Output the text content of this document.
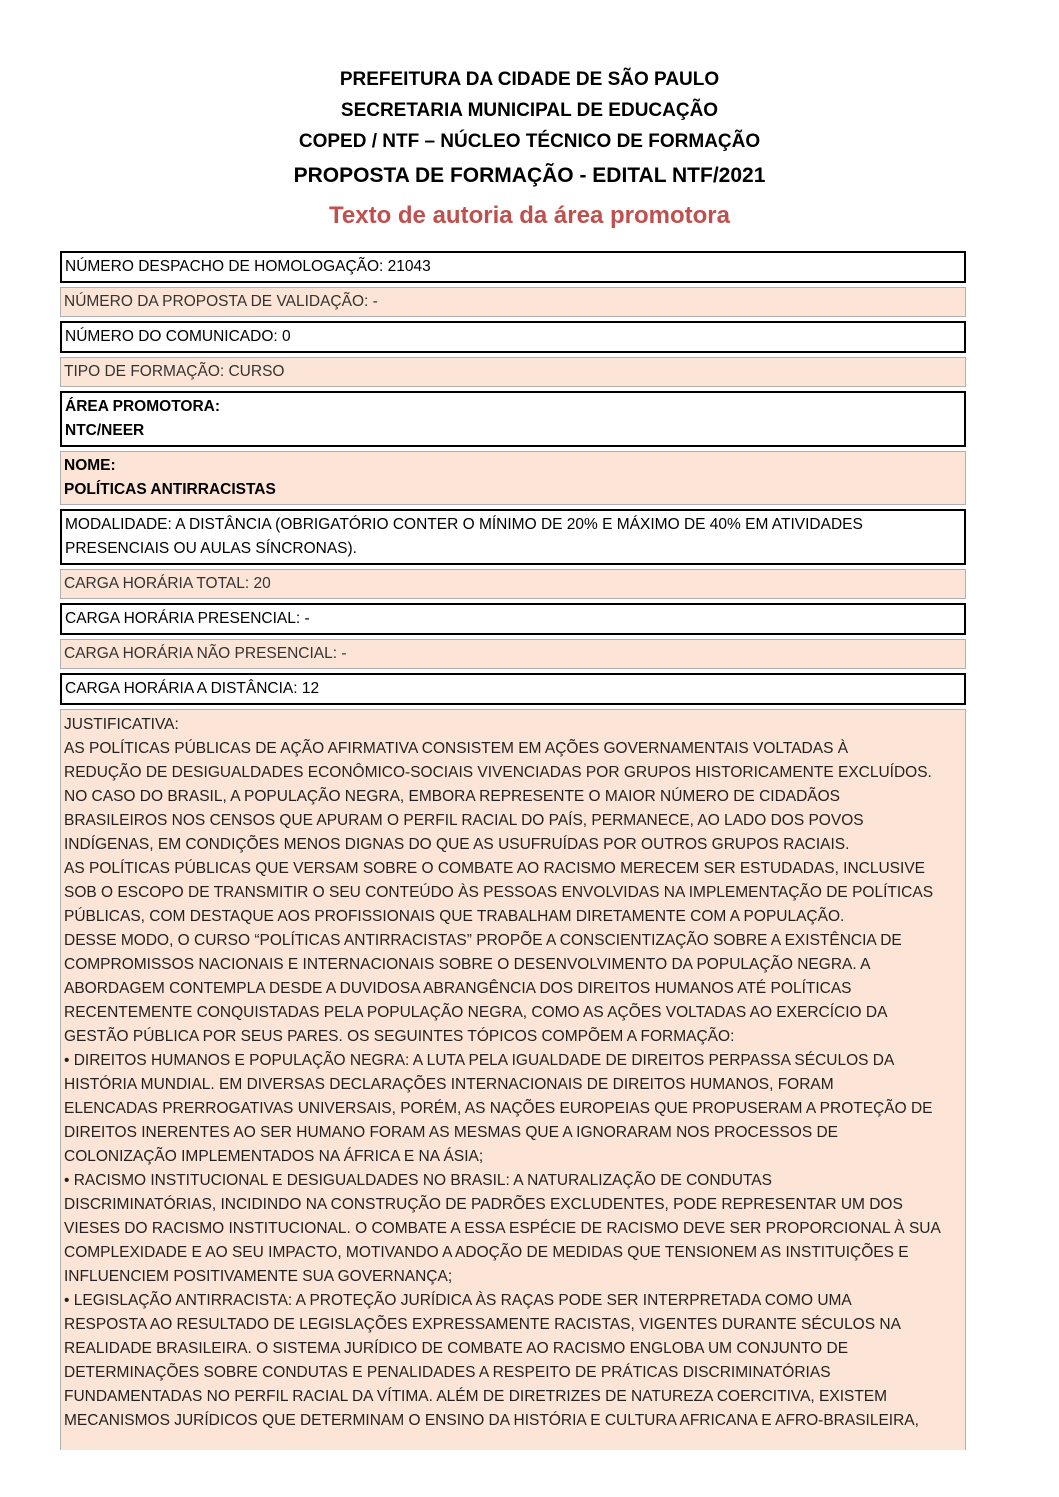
PREFEITURA DA CIDADE DE SÃO PAULO
SECRETARIA MUNICIPAL DE EDUCAÇÃO
COPED / NTF – NÚCLEO TÉCNICO DE FORMAÇÃO
PROPOSTA DE FORMAÇÃO - EDITAL NTF/2021
Texto de autoria da área promotora
NÚMERO DESPACHO DE HOMOLOGAÇÃO: 21043
NÚMERO DA PROPOSTA DE VALIDAÇÃO: -
NÚMERO DO COMUNICADO: 0
TIPO DE FORMAÇÃO: CURSO
ÁREA PROMOTORA:
NTC/NEER
NOME:
POLÍTICAS ANTIRRACISTAS
MODALIDADE: A DISTÂNCIA (OBRIGATÓRIO CONTER O MÍNIMO DE 20% E MÁXIMO DE 40% EM ATIVIDADES
PRESENCIAIS OU AULAS SÍNCRONAS).
CARGA HORÁRIA TOTAL: 20
CARGA HORÁRIA PRESENCIAL: -
CARGA HORÁRIA NÃO PRESENCIAL: -
CARGA HORÁRIA A DISTÂNCIA: 12

JUSTIFICATIVA:

AS POLÍTICAS PÚBLICAS DE AÇÃO AFIRMATIVA CONSISTEM EM AÇÕES GOVERNAMENTAIS VOLTADAS À

REDUÇÃO DE DESIGUALDADES ECONÔMICO-SOCIAIS VIVENCIADAS POR GRUPOS HISTORICAMENTE EXCLUÍDOS.

NO CASO DO BRASIL, A POPULAÇÃO NEGRA, EMBORA REPRESENTE O MAIOR NÚMERO DE CIDADÃOS

BRASILEIROS NOS CENSOS QUE APURAM O PERFIL RACIAL DO PAÍS, PERMANECE, AO LADO DOS POVOS

INDÍGENAS, EM CONDIÇÕES MENOS DIGNAS DO QUE AS USUFRUÍDAS POR OUTROS GRUPOS RACIAIS.

AS POLÍTICAS PÚBLICAS QUE VERSAM SOBRE O COMBATE AO RACISMO MERECEM SER ESTUDADAS, INCLUSIVE

SOB O ESCOPO DE TRANSMITIR O SEU CONTEÚDO ÀS PESSOAS ENVOLVIDAS NA IMPLEMENTAÇÃO DE POLÍTICAS

PÚBLICAS, COM DESTAQUE AOS PROFISSIONAIS QUE TRABALHAM DIRETAMENTE COM A POPULAÇÃO.

DESSE MODO, O CURSO “POLÍTICAS ANTIRRACISTAS” PROPÕE A CONSCIENTIZAÇÃO SOBRE A EXISTÊNCIA DE

COMPROMISSOS NACIONAIS E INTERNACIONAIS SOBRE O DESENVOLVIMENTO DA POPULAÇÃO NEGRA. A

ABORDAGEM CONTEMPLA DESDE A DUVIDOSA ABRANGÊNCIA DOS DIREITOS HUMANOS ATÉ POLÍTICAS

RECENTEMENTE CONQUISTADAS PELA POPULAÇÃO NEGRA, COMO AS AÇÕES VOLTADAS AO EXERCÍCIO DA

GESTÃO PÚBLICA POR SEUS PARES. OS SEGUINTES TÓPICOS COMPÕEM A FORMAÇÃO:

• DIREITOS HUMANOS E POPULAÇÃO NEGRA: A LUTA PELA IGUALDADE DE DIREITOS PERPASSA SÉCULOS DA

HISTÓRIA MUNDIAL. EM DIVERSAS DECLARAÇÕES INTERNACIONAIS DE DIREITOS HUMANOS, FORAM

ELENCADAS PRERROGATIVAS UNIVERSAIS, PORÉM, AS NAÇÕES EUROPEIAS QUE PROPUSERAM A PROTEÇÃO DE

DIREITOS INERENTES AO SER HUMANO FORAM AS MESMAS QUE A IGNORARAM NOS PROCESSOS DE

COLONIZAÇÃO IMPLEMENTADOS NA ÁFRICA E NA ÁSIA;

• RACISMO INSTITUCIONAL E DESIGUALDADES NO BRASIL: A NATURALIZAÇÃO DE CONDUTAS

DISCRIMINATÓRIAS, INCIDINDO NA CONSTRUÇÃO DE PADRÕES EXCLUDENTES, PODE REPRESENTAR UM DOS

VIESES DO RACISMO INSTITUCIONAL. O COMBATE A ESSA ESPÉCIE DE RACISMO DEVE SER PROPORCIONAL À SUA

COMPLEXIDADE E AO SEU IMPACTO, MOTIVANDO A ADOÇÃO DE MEDIDAS QUE TENSIONEM AS INSTITUIÇÕES E

INFLUENCIEM POSITIVAMENTE SUA GOVERNANÇA;

• LEGISLAÇÃO ANTIRRACISTA: A PROTEÇÃO JURÍDICA ÀS RAÇAS PODE SER INTERPRETADA COMO UMA

RESPOSTA AO RESULTADO DE LEGISLAÇÕES EXPRESSAMENTE RACISTAS, VIGENTES DURANTE SÉCULOS NA

REALIDADE BRASILEIRA. O SISTEMA JURÍDICO DE COMBATE AO RACISMO ENGLOBA UM CONJUNTO DE

DETERMINAÇÕES SOBRE CONDUTAS E PENALIDADES A RESPEITO DE PRÁTICAS DISCRIMINATÓRIAS

FUNDAMENTADAS NO PERFIL RACIAL DA VÍTIMA. ALÉM DE DIRETRIZES DE NATUREZA COERCITIVA, EXISTEM

MECANISMOS JURÍDICOS QUE DETERMINAM O ENSINO DA HISTÓRIA E CULTURA AFRICANA E AFRO-BRASILEIRA,
